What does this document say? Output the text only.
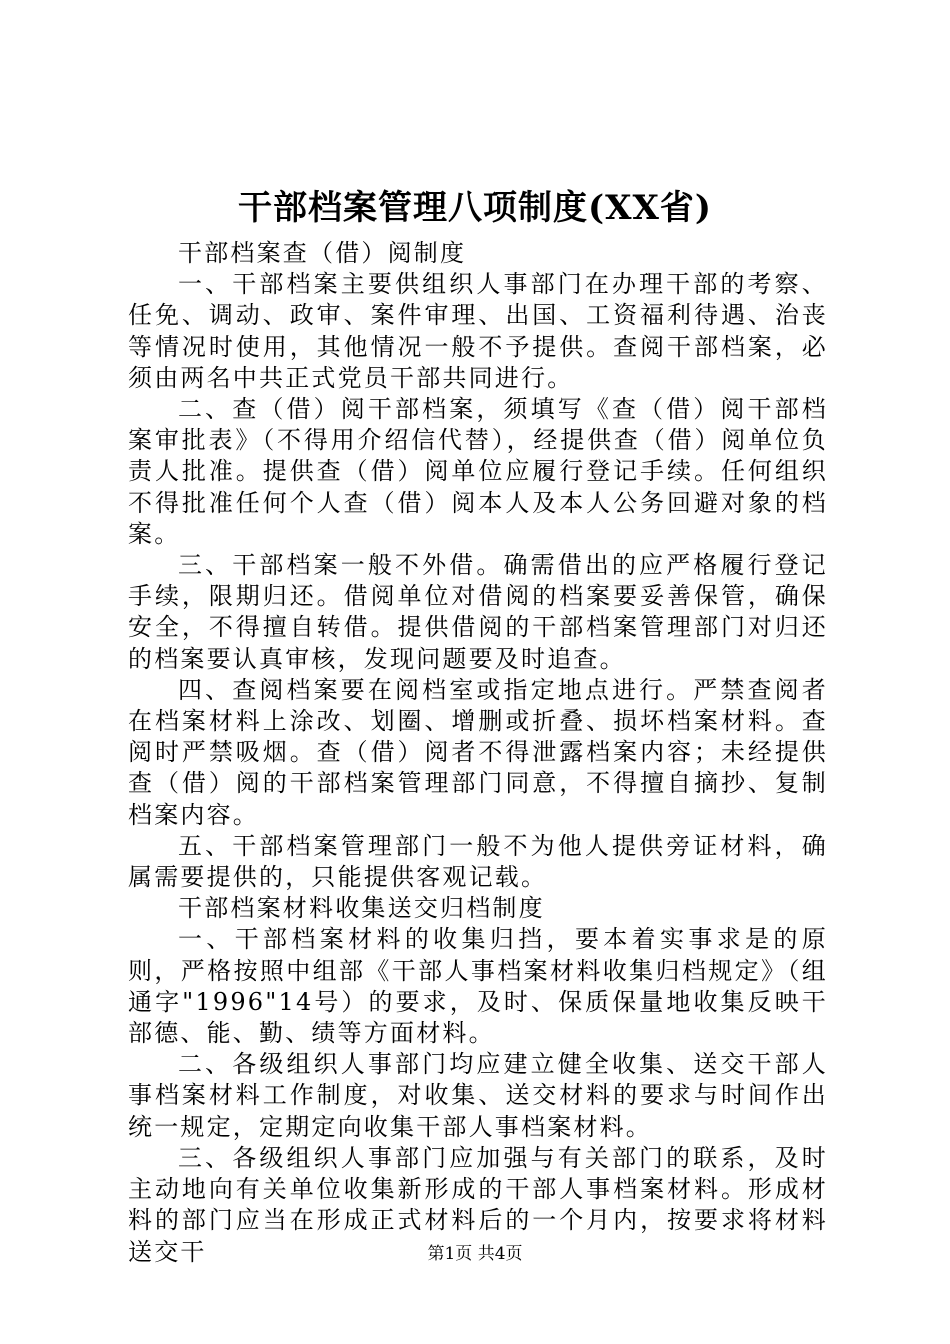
干部档案管理八项制度(XX省)

干部档案查（借）阅制度

一、干部档案主要供组织人事部门在办理干部的考察、任免、调动、政审、案件审理、出国、工资福利待遇、治丧等情况时使用，其他情况一般不予提供。查阅干部档案，必须由两名中共正式党员干部共同进行。

二、查（借）阅干部档案，须填写《查（借）阅干部档案审批表》（不得用介绍信代替），经提供查（借）阅单位负责人批准。提供查（借）阅单位应履行登记手续。任何组织不得批准任何个人查（借）阅本人及本人公务回避对象的档案。

三、干部档案一般不外借。确需借出的应严格履行登记手续，限期归还。借阅单位对借阅的档案要妥善保管，确保安全，不得擅自转借。提供借阅的干部档案管理部门对归还的档案要认真审核，发现问题要及时追查。

四、查阅档案要在阅档室或指定地点进行。严禁查阅者在档案材料上涂改、划圈、增删或折叠、损坏档案材料。查阅时严禁吸烟。查（借）阅者不得泄露档案内容；未经提供查（借）阅的干部档案管理部门同意，不得擅自摘抄、复制档案内容。

五、干部档案管理部门一般不为他人提供旁证材料，确属需要提供的，只能提供客观记载。

干部档案材料收集送交归档制度

一、干部档案材料的收集归挡，要本着实事求是的原则，严格按照中组部《干部人事档案材料收集归档规定》（组通字"1996"14号）的要求，及时、保质保量地收集反映干部德、能、勤、绩等方面材料。

二、各级组织人事部门均应建立健全收集、送交干部人事档案材料工作制度，对收集、送交材料的要求与时间作出统一规定，定期定向收集干部人事档案材料。

三、各级组织人事部门应加强与有关部门的联系，及时主动地向有关单位收集新形成的干部人事档案材料。形成材料的部门应当在形成正式材料后的一个月内，按要求将材料送交干	第1页 共4页
